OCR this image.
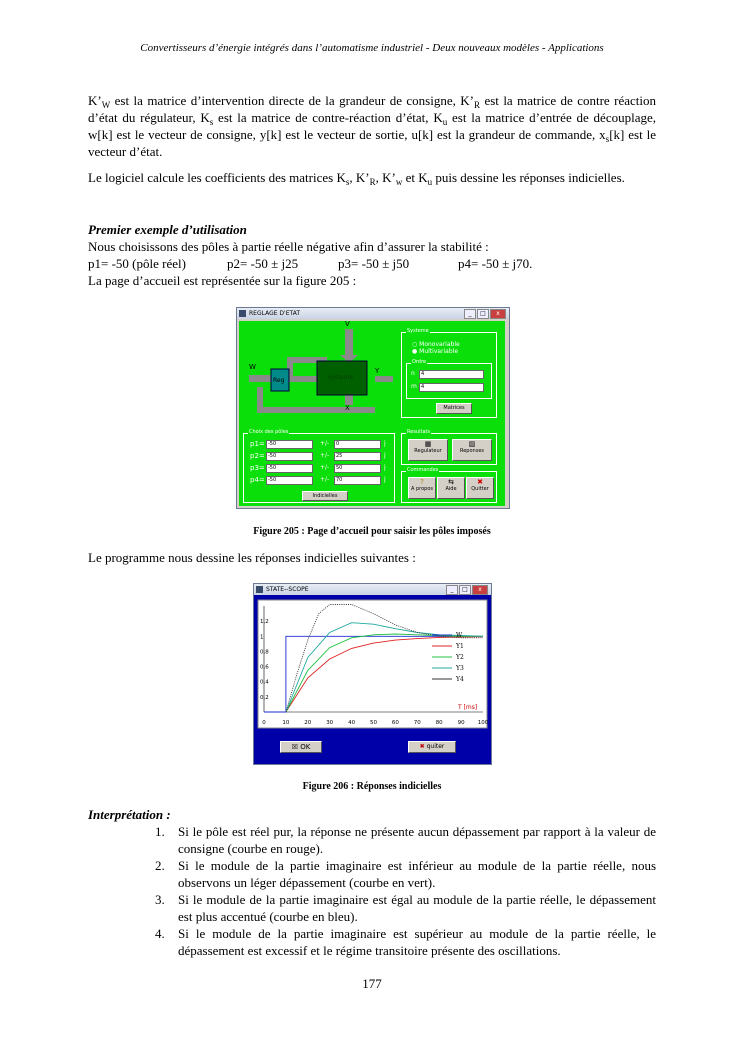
Convertisseurs d’énergie intégrés dans l’automatisme industriel - Deux nouveaux modèles - Applications
$K’_W$ est la matrice d’intervention directe de la grandeur de consigne, $K’_R$ est la matrice de contre réaction d’état du régulateur, $K_s$ est la matrice de contre-réaction d’état, $K_u$ est la matrice d’entrée de découplage, w[k] est le vecteur de consigne, y[k] est le vecteur de sortie, u[k] est la grandeur de commande, $x_s[k]$ est le vecteur d’état.
Le logiciel calcule les coefficients des matrices $K_s$, $K’_R$, $K’_w$ et $K_u$ puis dessine les réponses indicielles.
Premier exemple d’utilisation
Nous choisissons des pôles à partie réelle négative afin d’assurer la stabilité :
p1= -50 (pôle réel)	p2= -50 ± j25	p3= -50 ± j50	p4= -50 ± j70.
La page d’accueil est représentée sur la figure 205 :
REGLAGE D'ETAT	_	□	x
V
W	Y
X
Reg	Systeme
Systeme
○ Monovariable
● Multivariable
Ordre
n	4
m 4
Matrices
Choix des pôles
p1= -50	+/-	0	j
p2= -50	+/-	25	j
p3= -50	+/-	50	j
p4= -50	+/-	70	j
Indicielles
Resultats
▦
Regulateur
▨
Reponses
Commandes
?
A propos
⇆
Aide
✖
Quitter
Figure 205 : Page d’accueil pour saisir les pôles imposés
Le programme nous dessine les réponses indicielles suivantes :
STATE--SCOPE	_	□	x
0	10	20	30	40	50	60	70	80	90 100
0,2
0,4
0,6
0,8
1
1,2
W
Y1
Y2
Y3
Y4
T [ms]
☒ OK	✖ quiter
Figure 206 : Réponses indicielles
Interprétation :
1. Si le pôle est réel pur, la réponse ne présente aucun dépassement par rapport à la valeur de consigne (courbe en rouge).
2. Si le module de la partie imaginaire est inférieur au module de la partie réelle, nous observons un léger dépassement (courbe en vert).
3. Si le module de la partie imaginaire est égal au module de la partie réelle, le dépassement est plus accentué (courbe en bleu).
4. Si le module de la partie imaginaire est supérieur au module de la partie réelle, le dépassement est excessif et le régime transitoire présente des oscillations.
177
